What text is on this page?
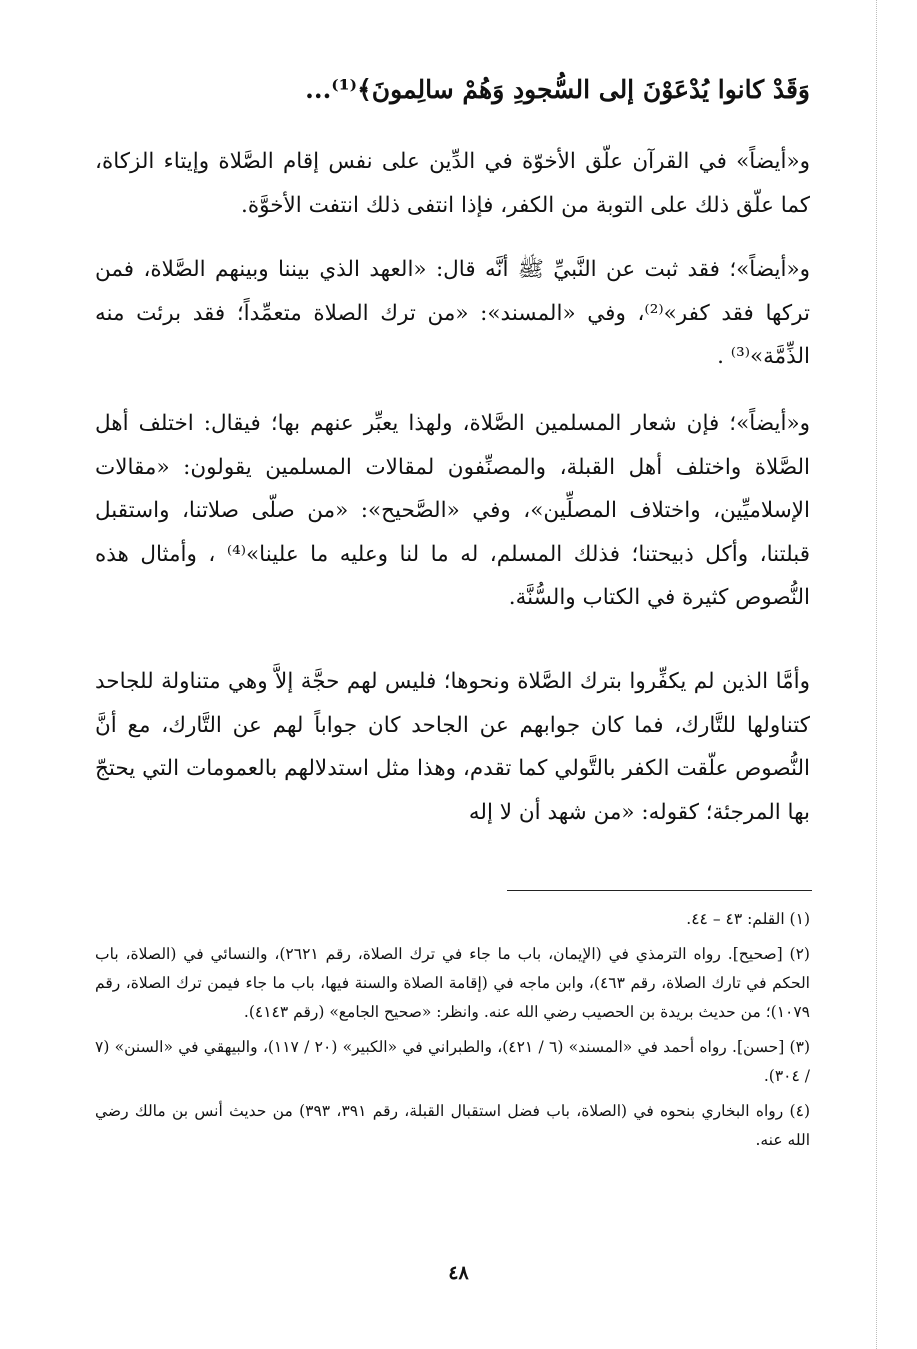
وَقَدْ كانوا يُدْعَوْنَ إلى السُّجودِ وَهُمْ سالِمونَ﴾⁽¹⁾...

و«أيضاً» في القرآن علّق الأخوّة في الدِّين على نفس إقام الصَّلاة وإيتاء الزكاة، كما علّق ذلك على التوبة من الكفر، فإذا انتفى ذلك انتفت الأخوَّة.

و«أيضاً»؛ فقد ثبت عن النَّبيِّ ﷺ أنَّه قال: «العهد الذي بيننا وبينهم الصَّلاة، فمن تركها فقد كفر»⁽²⁾، وفي «المسند»: «من ترك الصلاة متعمِّداً؛ فقد برئت منه الذِّمَّة»⁽³⁾ .

و«أيضاً»؛ فإن شعار المسلمين الصَّلاة، ولهذا يعبِّر عنهم بها؛ فيقال: اختلف أهل الصَّلاة واختلف أهل القبلة، والمصنِّفون لمقالات المسلمين يقولون: «مقالات الإسلاميِّين، واختلاف المصلِّين»، وفي «الصَّحيح»: «من صلّى صلاتنا، واستقبل قبلتنا، وأكل ذبيحتنا؛ فذلك المسلم، له ما لنا وعليه ما علينا»⁽⁴⁾ ، وأمثال هذه النُّصوص كثيرة في الكتاب والسُّنَّة.

وأمَّا الذين لم يكفِّروا بترك الصَّلاة ونحوها؛ فليس لهم حجَّة إلاَّ وهي متناولة للجاحد كتناولها للتَّارك، فما كان جوابهم عن الجاحد كان جواباً لهم عن التَّارك، مع أنَّ النُّصوص علّقت الكفر بالتَّولي كما تقدم، وهذا مثل استدلالهم بالعمومات التي يحتجّ بها المرجئة؛ كقوله: «من شهد أن لا إله

(١) القلم: ٤٣ – ٤٤.

(٢) [صحيح]. رواه الترمذي في (الإيمان، باب ما جاء في ترك الصلاة، رقم ٢٦٢١)، والنسائي في (الصلاة، باب الحكم في تارك الصلاة، رقم ٤٦٣)، وابن ماجه في (إقامة الصلاة والسنة فيها، باب ما جاء فيمن ترك الصلاة، رقم ١٠٧٩)؛ من حديث بريدة بن الحصيب رضي الله عنه. وانظر: «صحيح الجامع» (رقم ٤١٤٣).

(٣) [حسن]. رواه أحمد في «المسند» (٦ / ٤٢١)، والطبراني في «الكبير» (٢٠ / ١١٧)، والبيهقي في «السنن» (٧ / ٣٠٤).

(٤) رواه البخاري بنحوه في (الصلاة، باب فضل استقبال القبلة، رقم ٣٩١، ٣٩٣) من حديث أنس بن مالك رضي الله عنه.

٤٨
